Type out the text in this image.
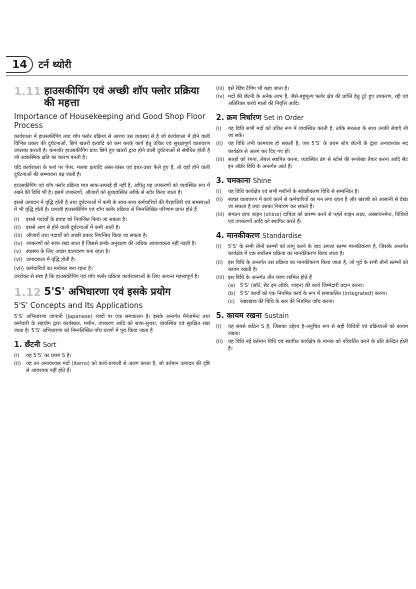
14	टर्न थ्योरी
1.11 हाउसकीपिंग एवं अच्छी शॉप फ्लोर प्रक्रिया की महत्ता
Importance of Housekeeping and Good Shop Floor Process

कार्यशाला में हाउसकीपिंग तथा शॉप फ्लोर प्रक्रिया से आशय उस व्यवस्था से है जो कार्यशाला में होने वाली विभिन्न प्रकार की दुर्घटनाओं, छिपे खतरों इत्यादि को कम करके कार्य हेतु उचित एवं सुरक्षापूर्ण वातावरण उपलब्ध कराती है। कमजोर हाउसकीपिंग प्रायः छिपे हुए खतरों द्वारा होने वाली दुर्घटनाओं से संबंधित होती है जो आकस्मिक क्षति का कारण बनती है।

यदि कार्यशाला के फर्श पर पेपर, मलबा इत्यादि अस्त-व्यस्त एवं इधर-उधर फैले हुए हैं, तो वहाँ होने वाली दुर्घटनाओं की सम्भावना बढ़ जाती है।

हाउसकीपिंग एवं शॉप फ्लोर प्रक्रिया मात्र साफ-सफाई ही नहीं है, अपितु यह उपकरणों को व्यवस्थित रूप में रखने की विधि भी है। इसमें उपकरणों, औजारों को सुव्यवस्थित तरीके से स्टोर किया जाता है।

इससे उत्पादन में वृद्धि होती है तथा दुर्घटनाओं में कमी के साथ-साथ कर्मचारियों की गैरहाजिरी एवं समस्याओं में भी वृद्धि होती है। प्रभावी हाउसकीपिंग एवं शॉप फ्लोर प्रक्रिया से निम्नलिखित परिणाम प्राप्त होते हैं

(i)	इससे पदार्थों के प्रवाह को नियन्त्रित किया जा सकता है।
(ii)	इससे आग से होने वाली दुर्घटनाओं में कमी आती है।
(iii) औजारों तथा पदार्थों को अच्छी प्रकार नियन्त्रित किया जा सकता है।
(iv) उपकरणों को साफ रखा जाता है जिससे इनके अनुरक्षण की अधिक आवश्यकता नहीं पड़ती है।
(v) स्वास्थ्य के लिए अच्छा वातावरण बना रहता है।
(vi) उत्पादकता में वृद्धि होती है।
(vii) कर्मचारियों का मनोबल बना रहता है।

उपरोक्त से स्पष्ट है कि हाउसकीपिंग एवं शॉप फ्लोर प्रक्रिया कार्यशालाओं के लिए अत्यन्त महत्त्वपूर्ण है।

1.12 5'S' अभिधारणा एवं इसके प्रयोग
5'S' Concepts and Its Applications

5'S' अभिधारणा जापानी (Japanese) शब्दों पर एक समाकलन है। इसके अन्तर्गत मैनेजमेन्ट तथा कर्मचारी के सहयोग द्वारा कार्यस्थल, मशीन, उपकरण आदि को साफ-सुथरा, व्यवस्थित एवं सुरक्षित रखा जाता है। 5'S' अभिधारणा को निम्नलिखित पाँच चरणों में पूरा किया जाता है

1. छँटनी Sort
(i)	यह 5'S' का प्रथम S है।
(ii)	यह उन अनावश्यक मदों (items) को कार्य-प्रणाली से अलग करता है, जो वर्तमान उत्पादन की दृष्टि से आवश्यक नहीं होते हैं।
(iii) इसे रेडिंग टैगिंग भी कहा जाता है।
(iv) मदों की छँटनी के अनेक लाभ हैं, जैसे-बहुमूल्य फ्लोर क्षेत्र की प्राप्ति हेतु टूटे हुए उपकरण, रद्दी एवं अतिरिक्त कच्चे मालों की निवृत्ति आदि।
2. क्रम निर्धारण Set in Order
(i)	यह विधि सभी मदों को उचित रूप में व्यवस्थित करती है, ताकि सरलता के साथ उनकी सेवाएँ ली जा सकें।
(ii)	यह विधि तभी कामयाब हो सकती है, जब 5'S' के प्रथम स्टेप छँटनी के द्वारा अनावश्यक मद कार्यक्षेत्र से अलग कर दिए गए हों।
(iii) सतहों को रंगना, लेबल स्थापित करना, व्यवस्थित ढंग से स्टोर्स की रूपरेखा तैयार करना आदि सैट इन ऑर्डर विधि के अन्तर्गत आते हैं।
3. चमकाना Shine
(i)	यह विधि कार्यक्षेत्र एवं सभी मशीनों के स्वच्छीकरण विधि से सम्बन्धित है।
(ii)	स्वच्छ वातावरण में कार्य करने से कर्मचारियों का मन लगा रहता है और खराबी को आसानी से देखा जा सकता है तथा उसका निवारण कर सकते हैं।
(iii) संगठन प्रायः शाइन (shine) दायित्व को प्रारम्भ करने से पहले शाइन लक्ष्य, अस्सायनमेन्ट, विधियों एवं उपकरणों आदि को स्थापित करते हैं।
4. मानकीकरण Standardise
(i)	5'S' के सभी तीनों स्तम्भों को लागू करने के बाद अगला स्तम्भ मानकीकरण है, जिसके अन्तर्गत कार्यक्षेत्र में एक सर्वोत्तम प्रक्रिया का मानकीकरण किया जाता है।
(ii)	इस विधि के अन्तर्गत उस प्रक्रिया का मानकीकरण किया जाता है, जो पूर्व के सभी तीनों स्तम्भों को कायम रखती है।
(iii) इस विधि के अन्तर्गत तीन चरण शामिल होते हैं
(a) 5'S' (सॉर्ट, सैट इन ऑर्डर, शाइन) की कार्य जिम्मेदारी प्रदान करना।
(b) 5'S' कार्यों को एक नियमित कार्य के रूप में समाकलित (integrated) करना।
(c)	रखरखाव की विधि के स्तर की नियमित जाँच करना।
5. कायम रखना Sustain
(i)	यह सबसे कठिन S है, जिसका उद्देश्य है-अनुचित रूप से सही विधियों एवं प्रक्रियाओं को कायम रखना।
(ii)	यह विधि नई वर्तमान विधि एवं स्थापित कार्यक्षेत्र के मानक को परिवर्तित करने के प्रति केन्द्रित होती है।
